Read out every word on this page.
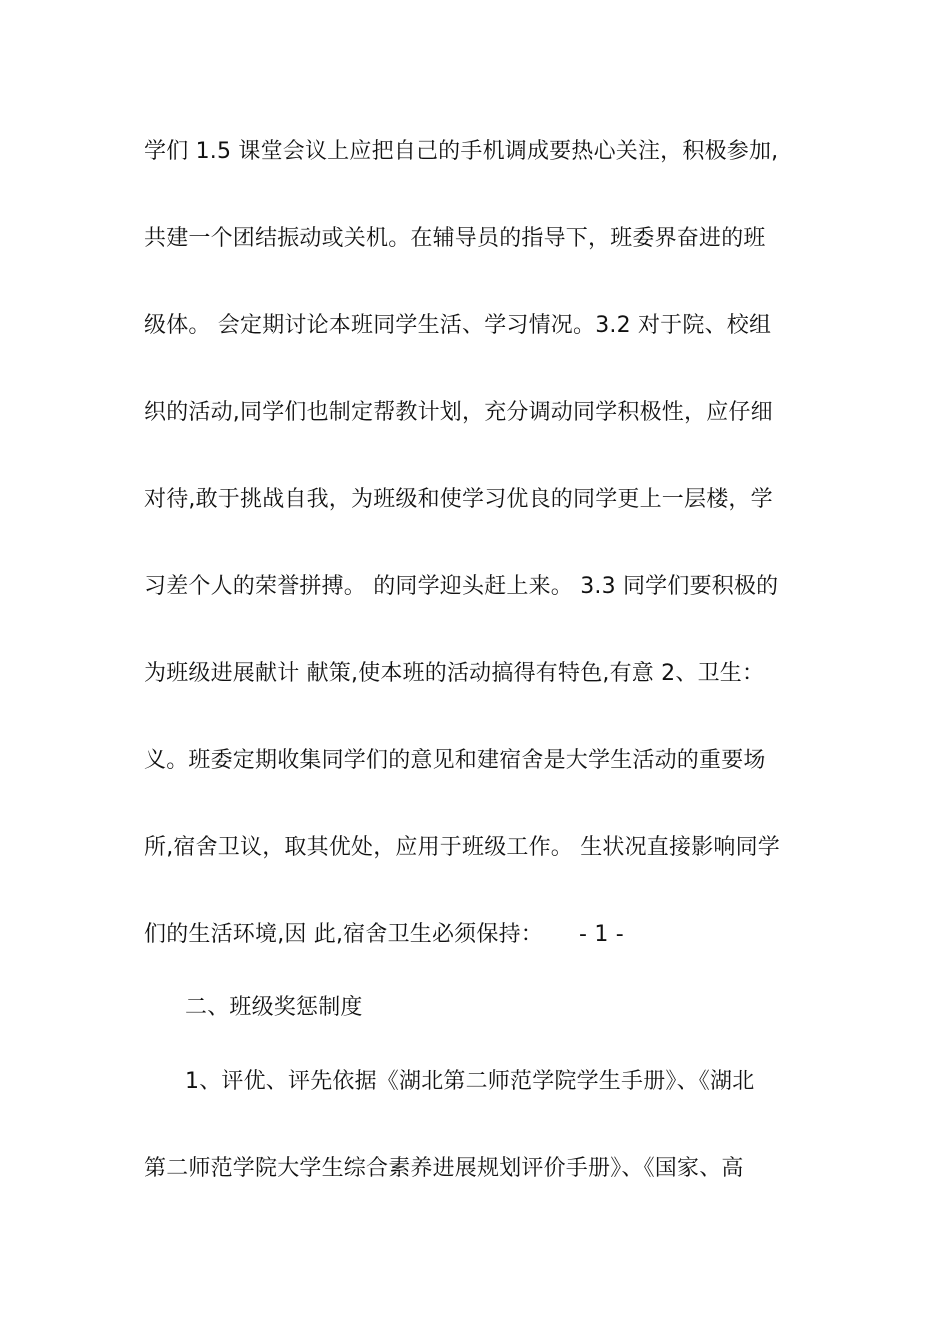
学们 1.5 课堂会议上应把自己的手机调成要热心关注，积极参加,
共建一个团结振动或关机。在辅导员的指导下，班委界奋进的班
级体。 会定期讨论本班同学生活、学习情况。3.2 对于院、校组
织的活动,同学们也制定帮教计划，充分调动同学积极性，应仔细
对待,敢于挑战自我，为班级和使学习优良的同学更上一层楼，学
习差个人的荣誉拼搏。 的同学迎头赶上来。 3.3 同学们要积极的
为班级进展献计 献策,使本班的活动搞得有特色,有意 2、卫生：
义。班委定期收集同学们的意见和建宿舍是大学生活动的重要场
所,宿舍卫议，取其优处，应用于班级工作。 生状况直接影响同学
们的生活环境,因 此,宿舍卫生必须保持： - 1 -
二、班级奖惩制度
1、评优、评先依据《湖北第二师范学院学生手册》、《湖北
第二师范学院大学生综合素养进展规划评价手册》、《国家、高
